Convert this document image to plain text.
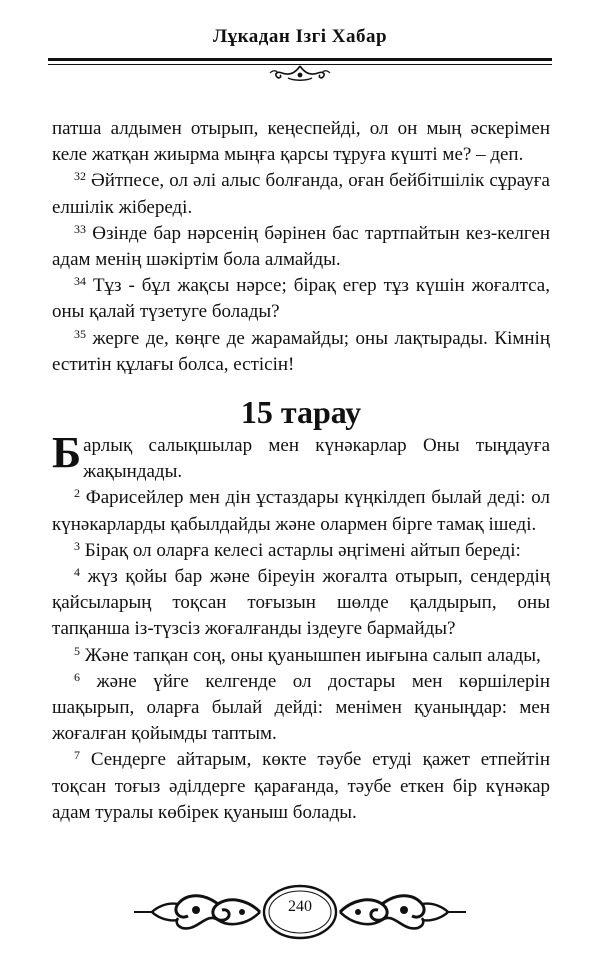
Лұкадан Ізгі Хабар

патша алдымен отырып, кеңеспейді, ол он мың әскерімен келе жатқан жиырма мыңға қарсы тұруға күшті ме? – деп.

$^{32}$ Әйтпесе, ол әлі алыс болғанда, оған бейбітшілік сұрауға елшілік жібереді.

$^{33}$ Өзінде бар нәрсенің бәрінен бас тартпайтын кез-келген адам менің шәкіртім бола алмайды.

$^{34}$ Тұз - бұл жақсы нәрсе; бірақ егер тұз күшін жоғалтса, оны қалай түзетуге болады?

$^{35}$ жерге де, көңге де жарамайды; оны лақтырады. Кімнің еститін құлағы болса, естісін!

15 тарау

Барлық салықшылар мен күнәкарлар Оны тыңдауға жақындады.

$^2$ Фарисейлер мен дін ұстаздары күңкілдеп былай деді: ол күнәкарларды қабылдайды және олармен бірге тамақ ішеді.

$^3$ Бірақ ол оларға келесі астарлы әңгімені айтып береді:

$^4$ жүз қойы бар және біреуін жоғалта отырып, сендердің қайсыларың тоқсан тоғызын шөлде қалдырып, оны тапқанша із-түзсіз жоғалғанды іздеуге бармайды?

$^5$ Және тапқан соң, оны қуанышпен иығына салып алады,

$^6$ және үйге келгенде ол достары мен көршілерін шақырып, оларға былай дейді: менімен қуаныңдар: мен жоғалған қойымды таптым.

$^7$ Сендерге айтарым, көкте тәубе етуді қажет етпейтін тоқсан тоғыз әділдерге қарағанда, тәубе еткен бір күнәкар адам туралы көбірек қуаныш болады.

240
